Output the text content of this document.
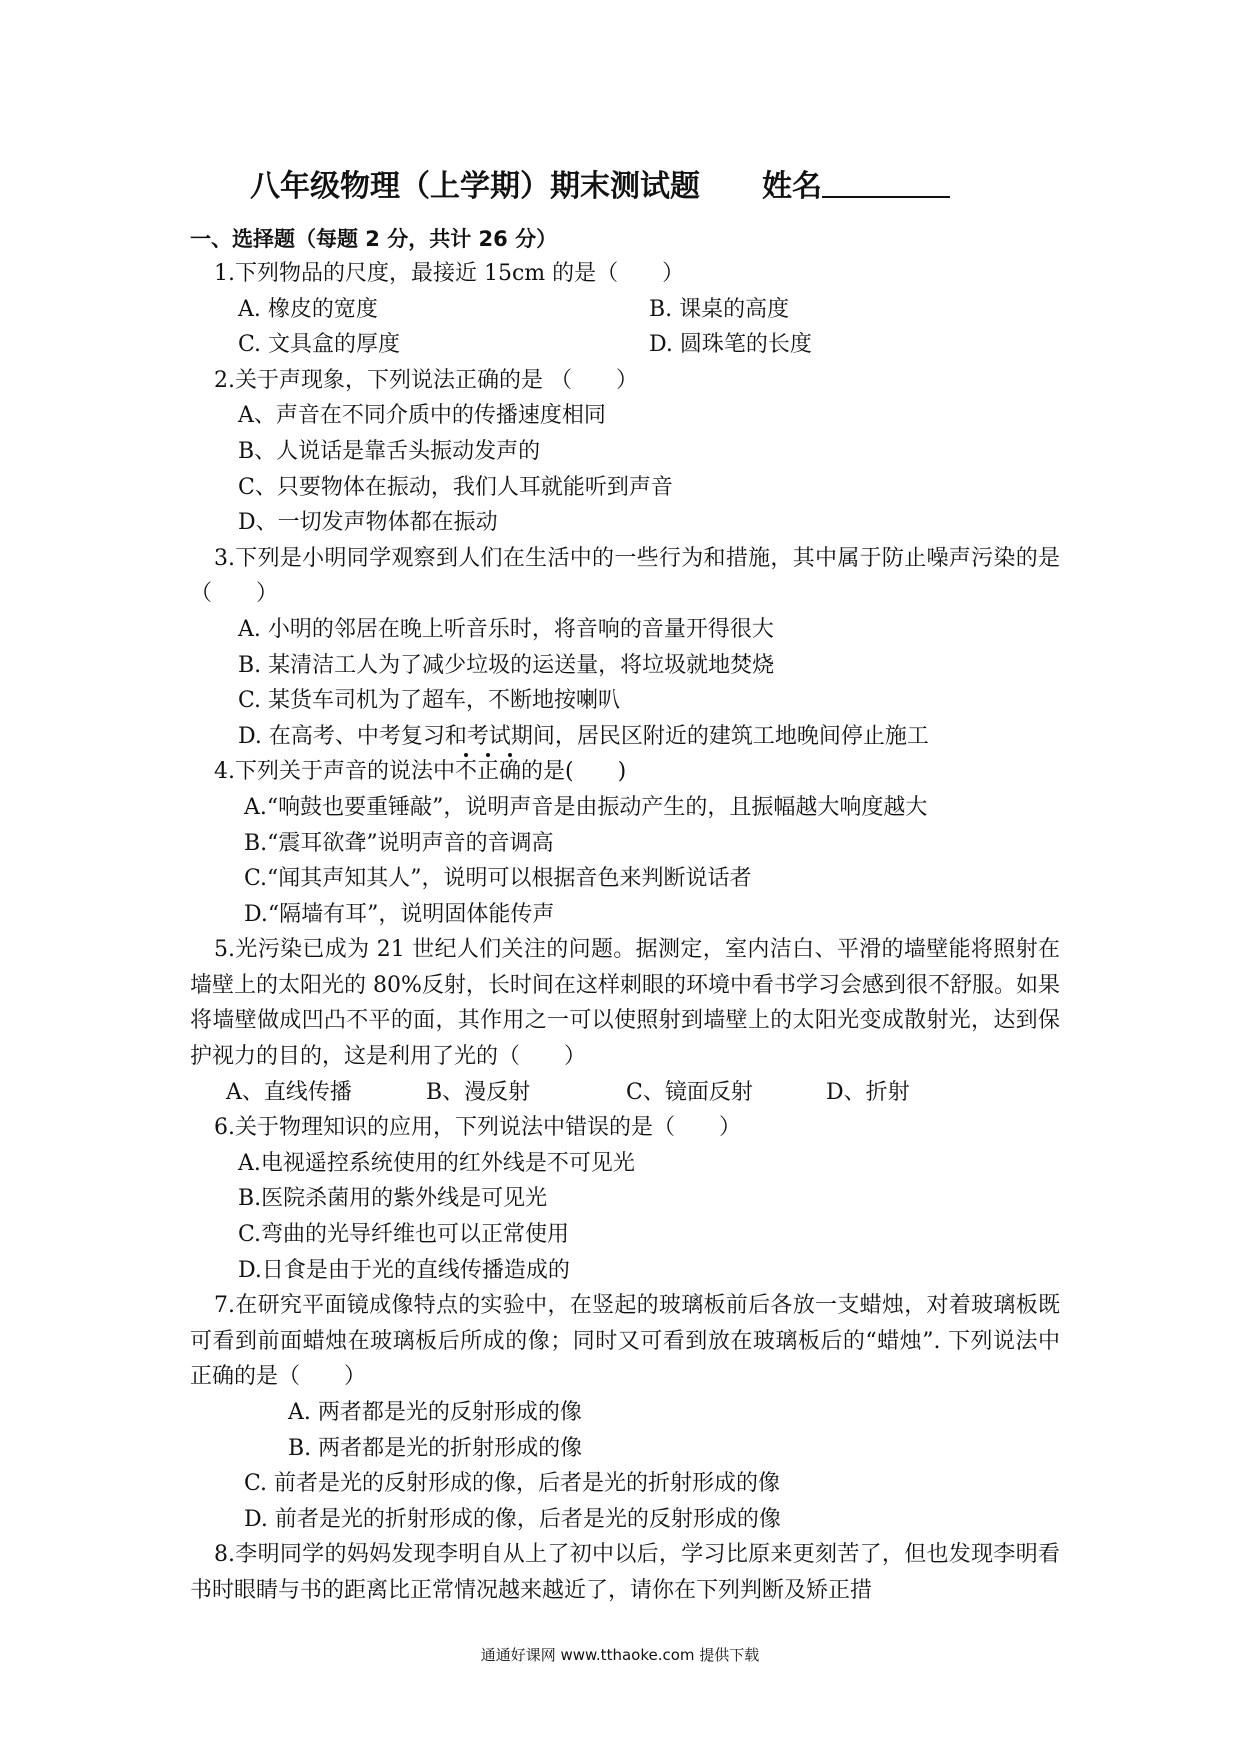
八年级物理（上学期）期末测试题 姓名
一、选择题（每题 2 分，共计 26 分）

1.下列物品的尺度，最接近 15cm 的是（　　）

A. 橡皮的宽度	B. 课桌的高度
C. 文具盒的厚度	D. 圆珠笔的长度

2.关于声现象，下列说法正确的是 （　　）

A、声音在不同介质中的传播速度相同

B、人说话是靠舌头振动发声的

C、只要物体在振动，我们人耳就能听到声音

D、一切发声物体都在振动

3.下列是小明同学观察到人们在生活中的一些行为和措施，其中属于防止噪声污染的是（　　）

A. 小明的邻居在晚上听音乐时，将音响的音量开得很大

B. 某清洁工人为了减少垃圾的运送量，将垃圾就地焚烧

C. 某货车司机为了超车，不断地按喇叭

D. 在高考、中考复习和考试期间，居民区附近的建筑工地晚间停止施工

4.下列关于声音的说法中
不
正
确的是(　　)

A.“响鼓也要重锤敲”，说明声音是由振动产生的，且振幅越大响度越大

B.“震耳欲聋”说明声音的音调高

C.“闻其声知其人”，说明可以根据音色来判断说话者

D.“隔墙有耳”，说明固体能传声

5.光污染已成为 21 世纪人们关注的问题。据测定，室内洁白、平滑的墙壁能将照射在墙壁上的太阳光的 80%反射，长时间在这样刺眼的环境中看书学习会感到很不舒服。如果将墙壁做成凹凸不平的面，其作用之一可以使照射到墙壁上的太阳光变成散射光，达到保护视力的目的，这是利用了光的（　　）

A、直线传播	B、漫反射	C、镜面反射	D、折射

6.关于物理知识的应用，下列说法中错误的是（　　）

A.电视遥控系统使用的红外线是不可见光

B.医院杀菌用的紫外线是可见光

C.弯曲的光导纤维也可以正常使用

D.日食是由于光的直线传播造成的

7.在研究平面镜成像特点的实验中，在竖起的玻璃板前后各放一支蜡烛，对着玻璃板既可看到前面蜡烛在玻璃板后所成的像；同时又可看到放在玻璃板后的“蜡烛”. 下列说法中正确的是（　　）

A. 两者都是光的反射形成的像

B. 两者都是光的折射形成的像

C. 前者是光的反射形成的像，后者是光的折射形成的像

D. 前者是光的折射形成的像，后者是光的反射形成的像

8.李明同学的妈妈发现李明自从上了初中以后，学习比原来更刻苦了，但也发现李明看书时眼睛与书的距离比正常情况越来越近了，请你在下列判断及矫正措

通通好课网 www.tthaoke.com 提供下载
